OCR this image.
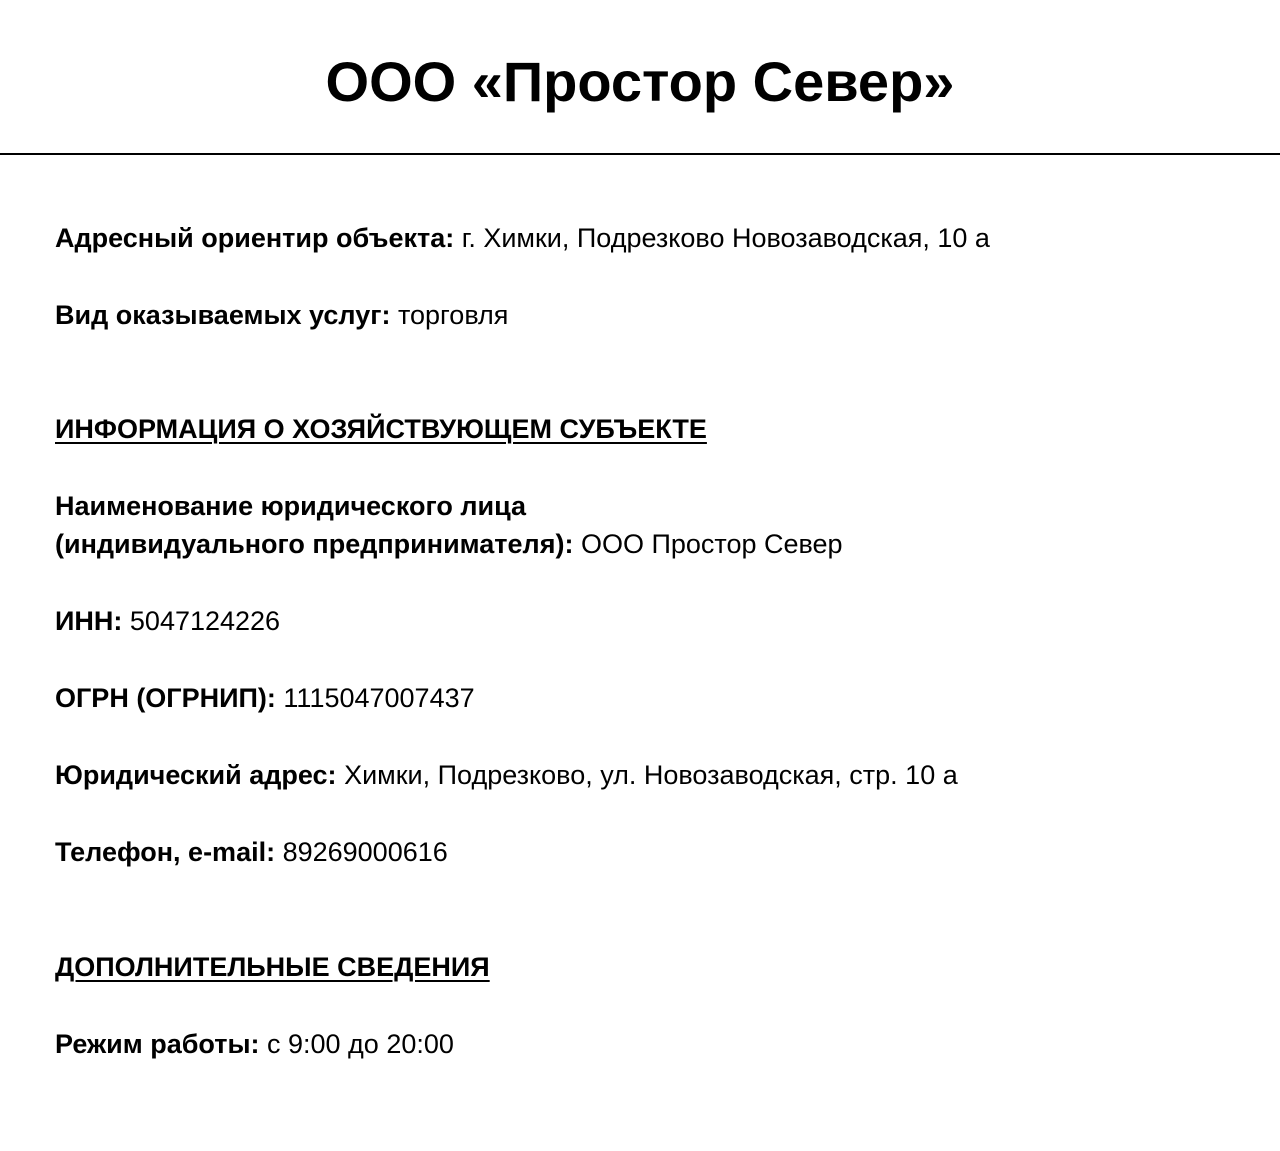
ООО «Простор Север»
Адресный ориентир объекта: г. Химки, Подрезково Новозаводская, 10 а
Вид оказываемых услуг: торговля
ИНФОРМАЦИЯ О ХОЗЯЙСТВУЮЩЕМ СУБЪЕКТЕ
Наименование юридического лица
(индивидуального предпринимателя): ООО Простор Север
ИНН: 5047124226
ОГРН (ОГРНИП): 1115047007437
Юридический адрес: Химки, Подрезково, ул. Новозаводская, стр. 10 а
Телефон, e-mail: 89269000616
ДОПОЛНИТЕЛЬНЫЕ СВЕДЕНИЯ
Режим работы: с 9:00 до 20:00
